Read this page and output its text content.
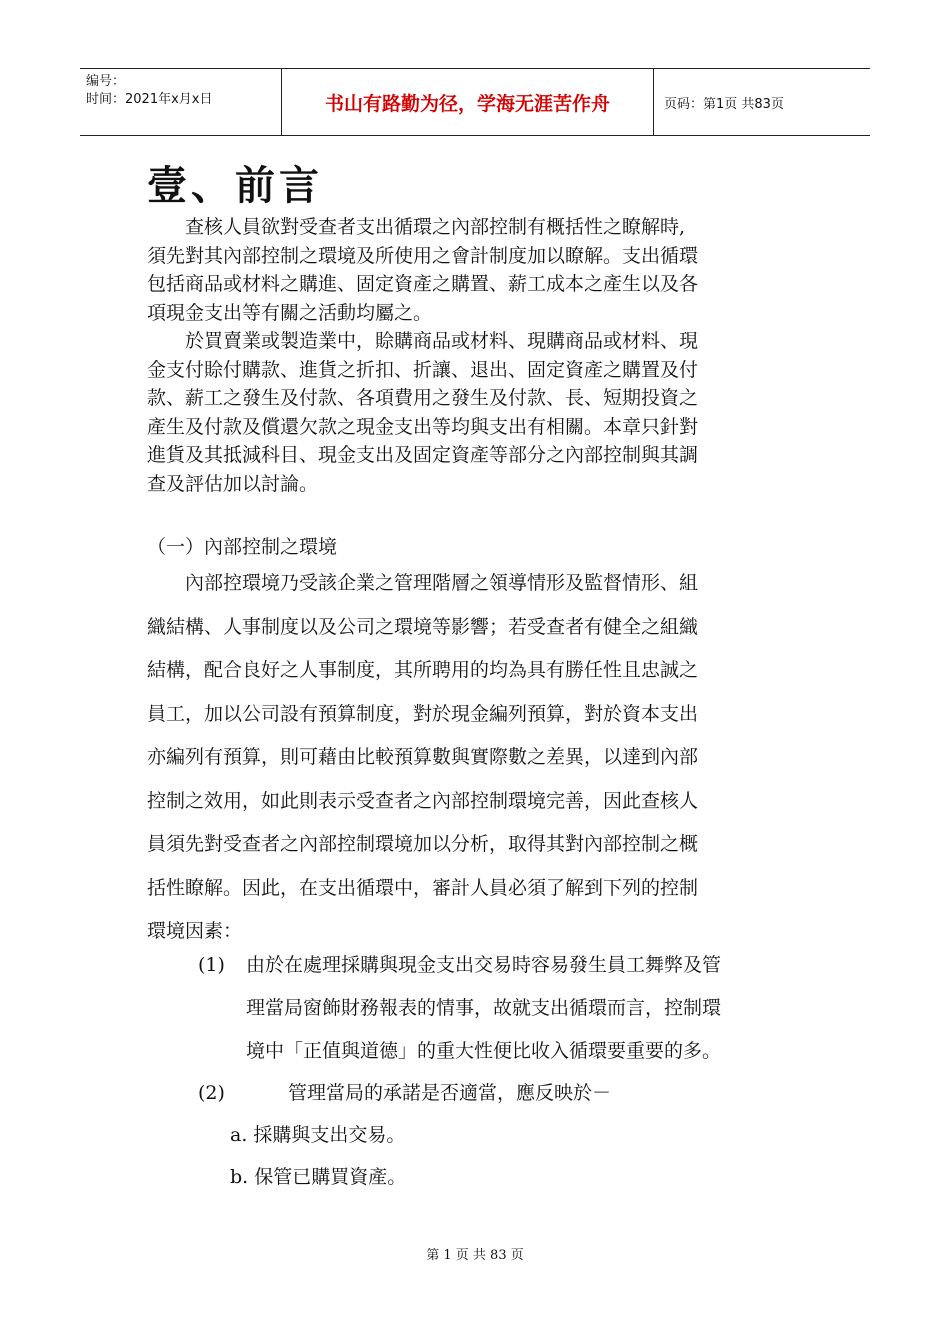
编号：
时间：2021年x月x日	书山有路勤为径，学海无涯苦作舟	页码：第1页 共83页
壹、前言
　　查核人員欲對受查者支出循環之內部控制有概括性之瞭解時,
須先對其內部控制之環境及所使用之會計制度加以瞭解。支出循環
包括商品或材料之購進、固定資產之購置、薪工成本之產生以及各
項現金支出等有關之活動均屬之。
　　於買賣業或製造業中，賒購商品或材料、現購商品或材料、現
金支付賒付購款、進貨之折扣、折讓、退出、固定資產之購置及付
款、薪工之發生及付款、各項費用之發生及付款、長、短期投資之
產生及付款及償還欠款之現金支出等均與支出有相關。本章只針對
進貨及其抵減科目、現金支出及固定資產等部分之內部控制與其調
查及評估加以討論。
（一）內部控制之環境
　　內部控環境乃受該企業之管理階層之領導情形及監督情形、組
織結構、人事制度以及公司之環境等影響；若受查者有健全之組織
結構，配合良好之人事制度，其所聘用的均為具有勝任性且忠誠之
員工，加以公司設有預算制度，對於現金編列預算，對於資本支出
亦編列有預算，則可藉由比較預算數與實際數之差異，以達到內部
控制之效用，如此則表示受查者之內部控制環境完善，因此查核人
員須先對受查者之內部控制環境加以分析，取得其對內部控制之概
括性瞭解。因此，在支出循環中，審計人員必須了解到下列的控制
環境因素：
(1) 由於在處理採購與現金支出交易時容易發生員工舞弊及管
理當局窗飾財務報表的情事，故就支出循環而言，控制環
境中「正值與道德」的重大性便比收入循環要重要的多。
(2)	管理當局的承諾是否適當，應反映於－
a. 採購與支出交易。
b. 保管已購買資產。
第 1 页 共 83 页
